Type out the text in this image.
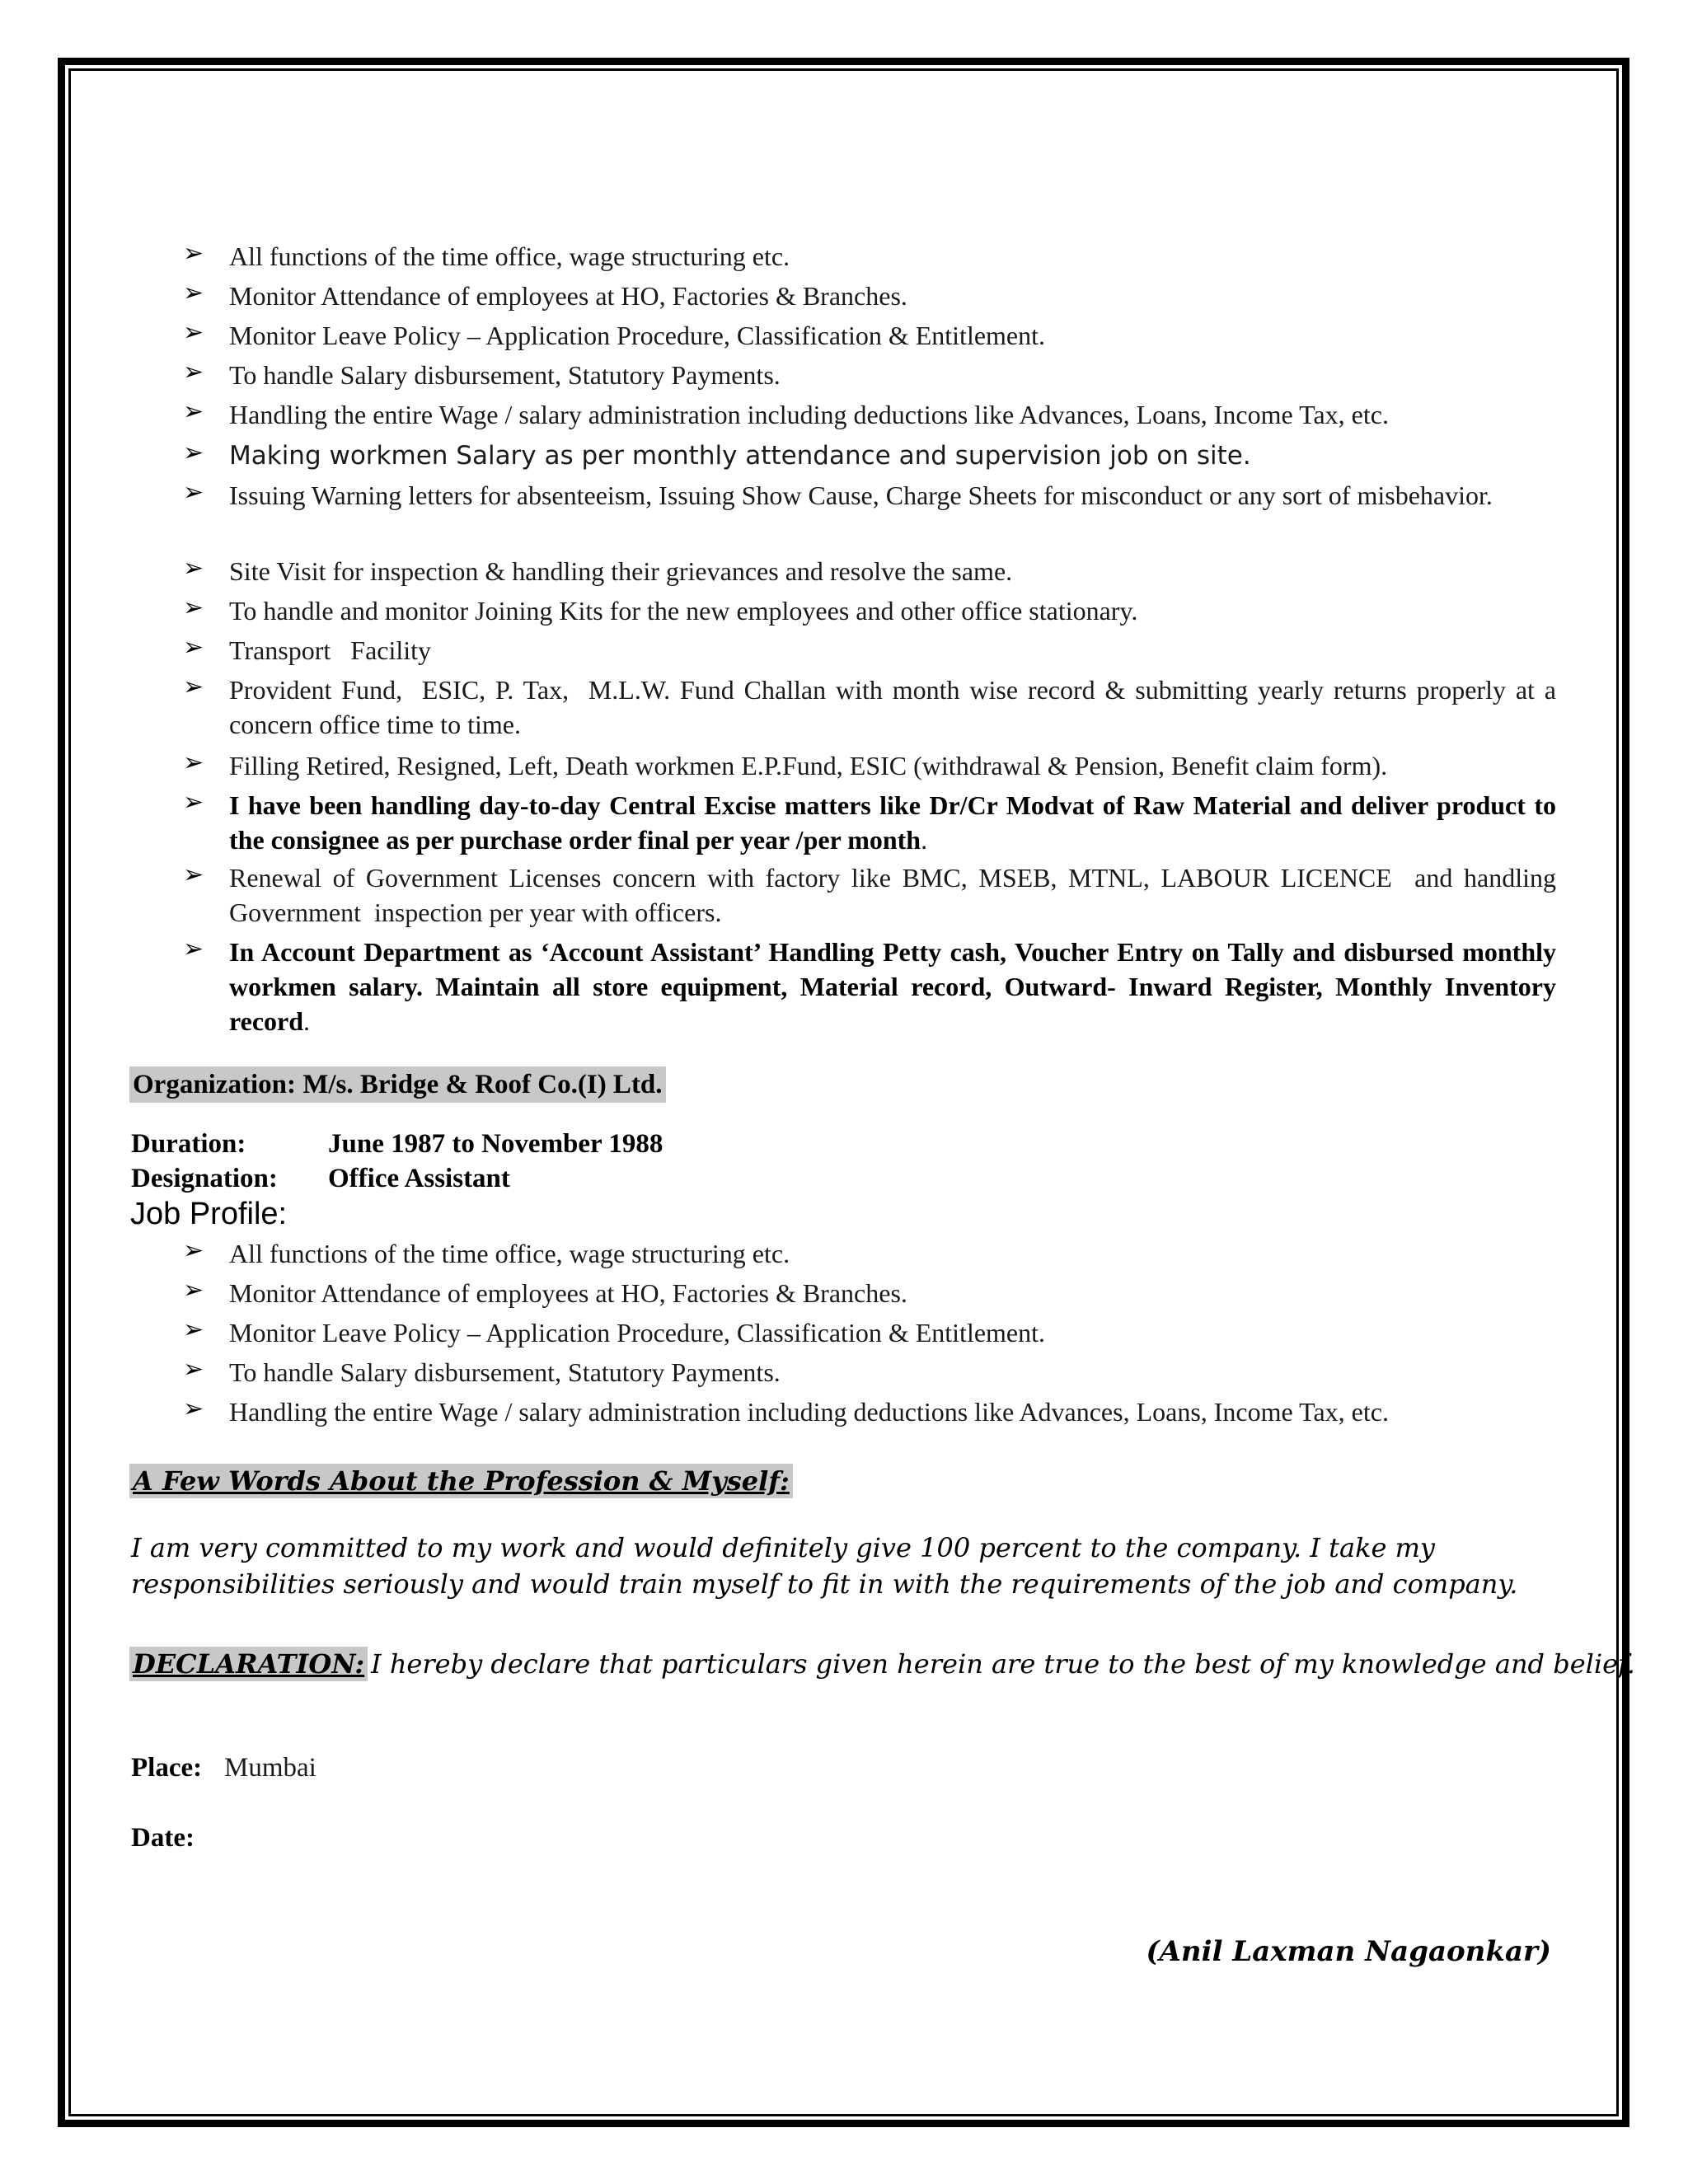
➢ All functions of the time office, wage structuring etc.
➢ Monitor Attendance of employees at HO, Factories & Branches.
➢ Monitor Leave Policy – Application Procedure, Classification & Entitlement.
➢ To handle Salary disbursement, Statutory Payments.
➢ Handling the entire Wage / salary administration including deductions like Advances, Loans, Income Tax, etc.
➢ Making workmen Salary as per monthly attendance and supervision job on site.
➢ Issuing Warning letters for absenteeism, Issuing Show Cause, Charge Sheets for misconduct or any sort of misbehavior.
➢ Site Visit for inspection & handling their grievances and resolve the same.
➢ To handle and monitor Joining Kits for the new employees and other office stationary.
➢ Transport   Facility
➢ Provident Fund,  ESIC, P. Tax,  M.L.W. Fund Challan with month wise record & submitting yearly returns properly at a concern office time to time.
➢ Filling Retired, Resigned, Left, Death workmen E.P.Fund, ESIC (withdrawal & Pension, Benefit claim form).
➢ I have been handling day-to-day Central Excise matters like Dr/Cr Modvat of Raw Material and deliver product to the consignee as per purchase order final per year /per month.
➢ Renewal of Government Licenses concern with factory like BMC, MSEB, MTNL, LABOUR LICENCE  and handling Government  inspection per year with officers.
➢ In Account Department as ‘Account Assistant’ Handling Petty cash, Voucher Entry on Tally and disbursed monthly workmen salary. Maintain all store equipment, Material record, Outward- Inward Register, Monthly Inventory record.
Organization: M/s. Bridge & Roof Co.(I) Ltd.
Duration:	June 1987 to November 1988
Designation: Office Assistant
Job Profile:
➢ All functions of the time office, wage structuring etc.
➢ Monitor Attendance of employees at HO, Factories & Branches.
➢ Monitor Leave Policy – Application Procedure, Classification & Entitlement.
➢ To handle Salary disbursement, Statutory Payments.
➢ Handling the entire Wage / salary administration including deductions like Advances, Loans, Income Tax, etc.
A Few Words About the Profession & Myself:
I am very committed to my work and would definitely give 100 percent to the company. I take my responsibilities seriously and would train myself to fit in with the requirements of the job and company.
DECLARATION: I hereby declare that particulars given herein are true to the best of my knowledge and belief.
Place: Mumbai
Date:
(Anil Laxman Nagaonkar)
